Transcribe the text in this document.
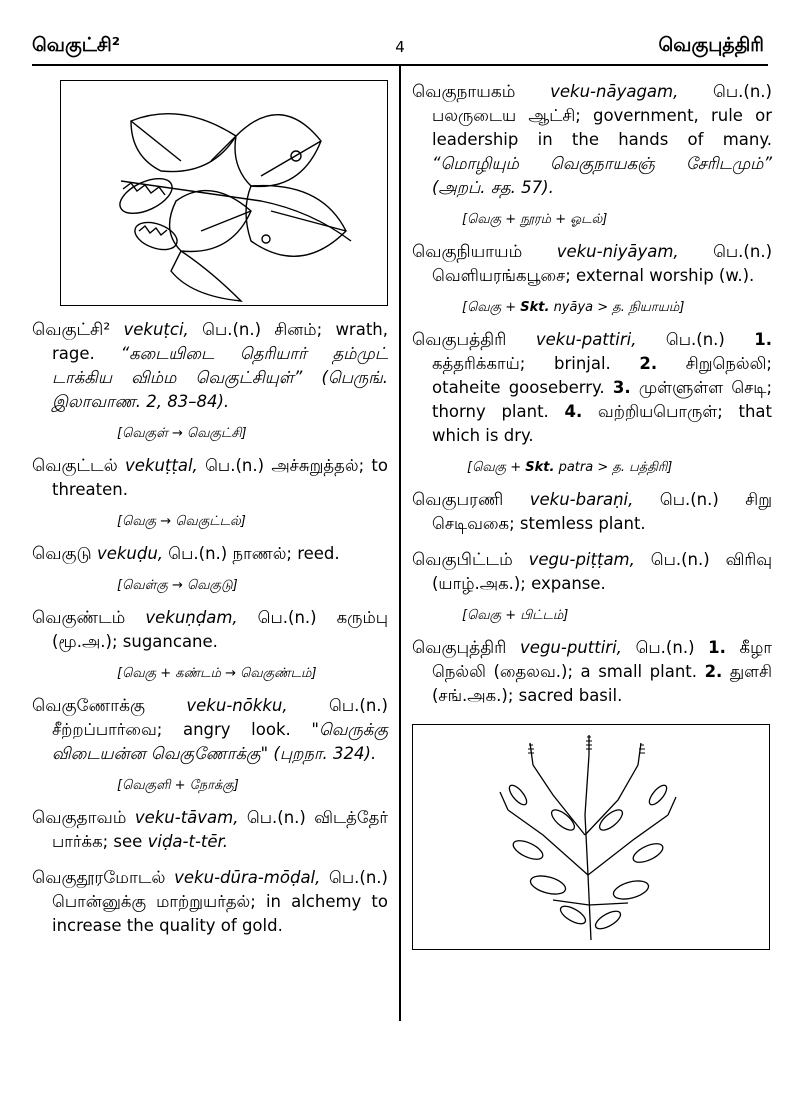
வெகுட்சி²	4	வெகுபுத்திரி
வெகுட்சி² vekuṭci, பெ.(n.) சினம்; wrath, rage. “கடையிடை தெரியார் தம்முட் டாக்கிய விம்ம வெகுட்சியுள்” (பெருங். இலாவாண. 2, 83–84).
[வெகுள் → வெகுட்சி]
வெகுட்டல் vekuṭṭal, பெ.(n.) அச்சுறுத்தல்; to threaten.
[வெகு → வெகுட்டல்]
வெகுடு vekuḍu, பெ.(n.) நாணல்; reed.
[வெள்கு → வெகுடு]
வெகுண்டம் vekuṇḍam, பெ.(n.) கரும்பு (மூ.அ.); sugancane.
[வெகு + கண்டம் → வெகுண்டம்]
வெகுணோக்கு	veku-nōkku,	பெ.(n.) சீற்றப்பார்வை; angry look. "வெருக்கு விடையன்ன வெகுணோக்கு" (புறநா. 324).
[வெகுளி + நோக்கு]
வெகுதாவம் veku-tāvam, பெ.(n.) விடத்தேர் பார்க்க; see viḍa-t-tēr.
வெகுதூரமோடல் veku-dūra-mōḍal, பெ.(n.) பொன்னுக்கு மாற்றுயர்தல்; in alchemy to increase the quality of gold.
வெகுநாயகம் veku-nāyagam, பெ.(n.) பலருடைய ஆட்சி; government, rule or leadership in the hands of many. “மொழியும் வெகுநாயகஞ் சேரிடமும்” (அறப். சத. 57).
[வெகு + நூரம் + ஓடல்]
வெகுநியாயம் veku-niyāyam, பெ.(n.) வெளியரங்கபூசை; external worship (w.).
[வெகு + Skt. nyāya > த. நியாயம்]
வெகுபத்திரி veku-pattiri, பெ.(n.) 1. கத்தரிக்காய்; brinjal. 2. சிறுநெல்லி; otaheite gooseberry. 3. முள்ளுள்ள செடி; thorny plant. 4. வற்றியபொருள்; that which is dry.
[வெகு + Skt. patra > த. பத்திரி]
வெகுபரணி veku-baraṇi, பெ.(n.) சிறு செடிவகை; stemless plant.
வெகுபிட்டம் vegu-piṭṭam, பெ.(n.) விரிவு (யாழ்.அக.); expanse.
[வெகு + பிட்டம்]
வெகுபுத்திரி vegu-puttiri, பெ.(n.) 1. கீழா நெல்லி (தைலவ.); a small plant. 2. துளசி (சங்.அக.); sacred basil.
